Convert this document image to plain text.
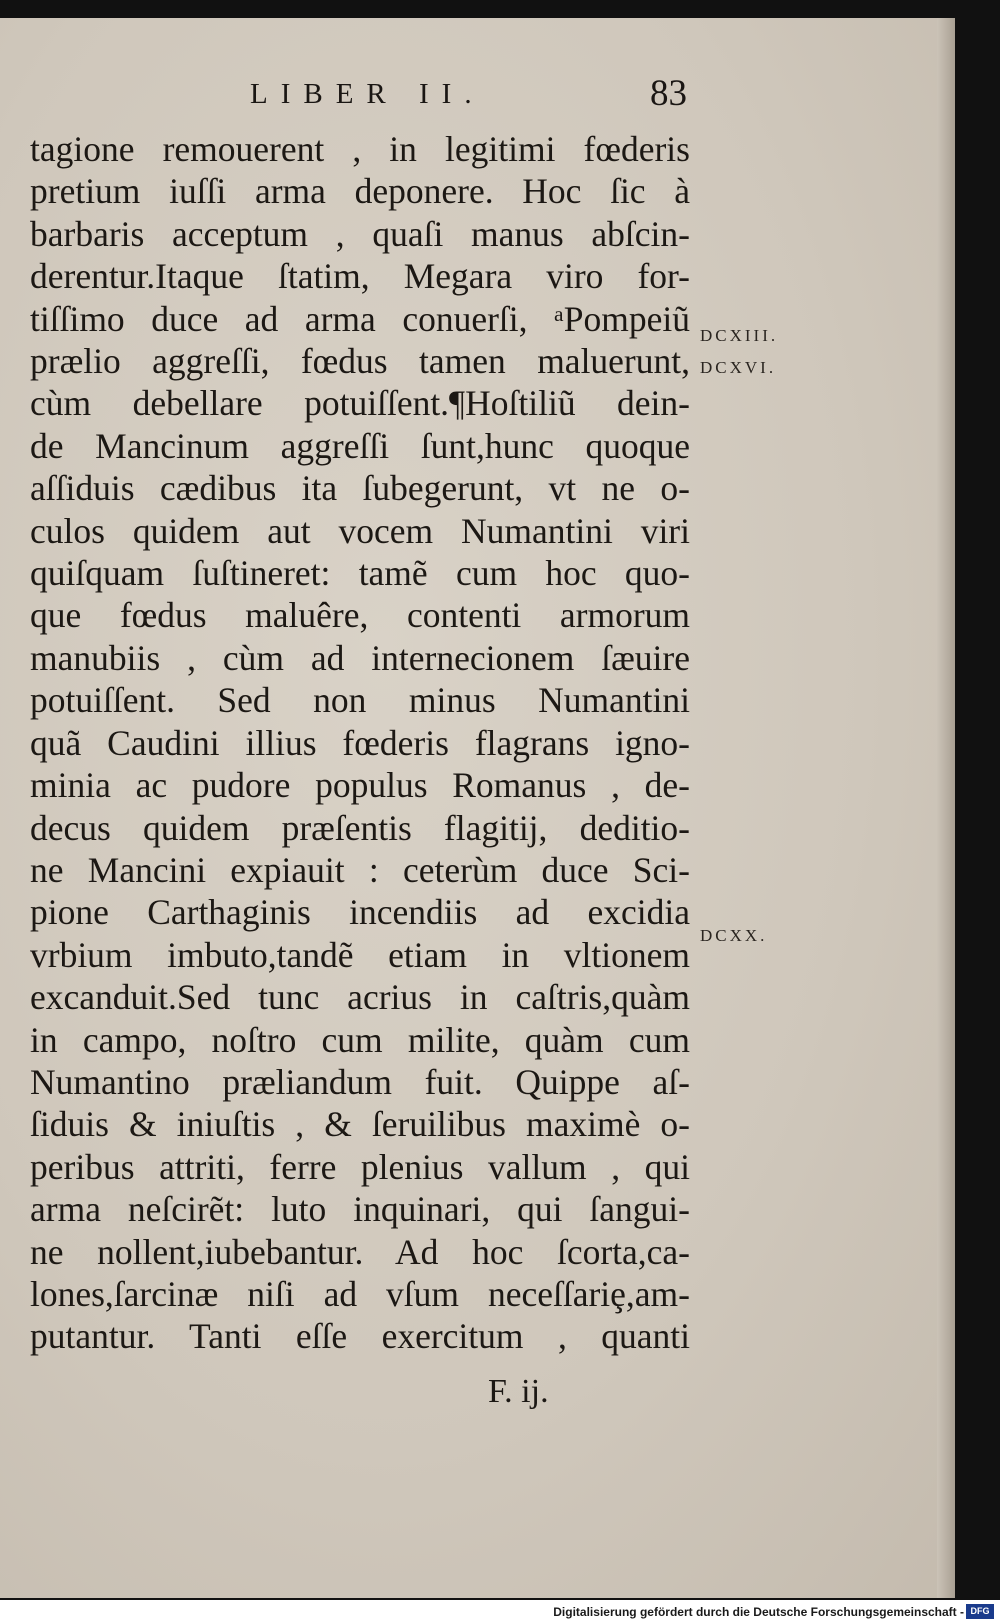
LIBER II.	83
tagione remouerent , in legitimi fœderis
pretium iuſſi arma deponere. Hoc ſic à
barbaris acceptum , quaſi manus abſcin-
derentur.Itaque ſtatim, Megara viro for-
tiſſimo duce ad arma conuerſi, ᵃPompeiũ
prælio aggreſſi, fœdus tamen maluerunt,
cùm debellare potuiſſent.¶Hoſtiliũ dein-
de Mancinum aggreſſi ſunt,hunc quoque
aſſiduis cædibus ita ſubegerunt, vt ne o-
culos quidem aut vocem Numantini viri
quiſquam ſuſtineret: tamẽ cum hoc quo-
que fœdus maluêre, contenti armorum
manubiis , cùm ad internecionem ſæuire
potuiſſent. Sed non minus Numantini
quã Caudini illius fœderis flagrans igno-
minia ac pudore populus Romanus , de-
decus quidem præſentis flagitij, deditio-
ne Mancini expiauit : ceterùm duce Sci-
pione Carthaginis incendiis ad excidia
vrbium imbuto,tandẽ etiam in vltionem
excanduit.Sed tunc acrius in caſtris,quàm
in campo, noſtro cum milite, quàm cum
Numantino præliandum fuit. Quippe aſ-
ſiduis & iniuſtis , & ſeruilibus maximè o-
peribus attriti, ferre plenius vallum , qui
arma neſcirẽt: luto inquinari, qui ſangui-
ne nollent,iubebantur. Ad hoc ſcorta,ca-
lones,ſarcinæ niſi ad vſum neceſſariȩ,am-
putantur. Tanti eſſe exercitum , quanti
DCXIII.
DCXVI.
DCXX.
F. ij.
Digitalisierung gefördert durch die Deutsche Forschungsgemeinschaft - DFG
